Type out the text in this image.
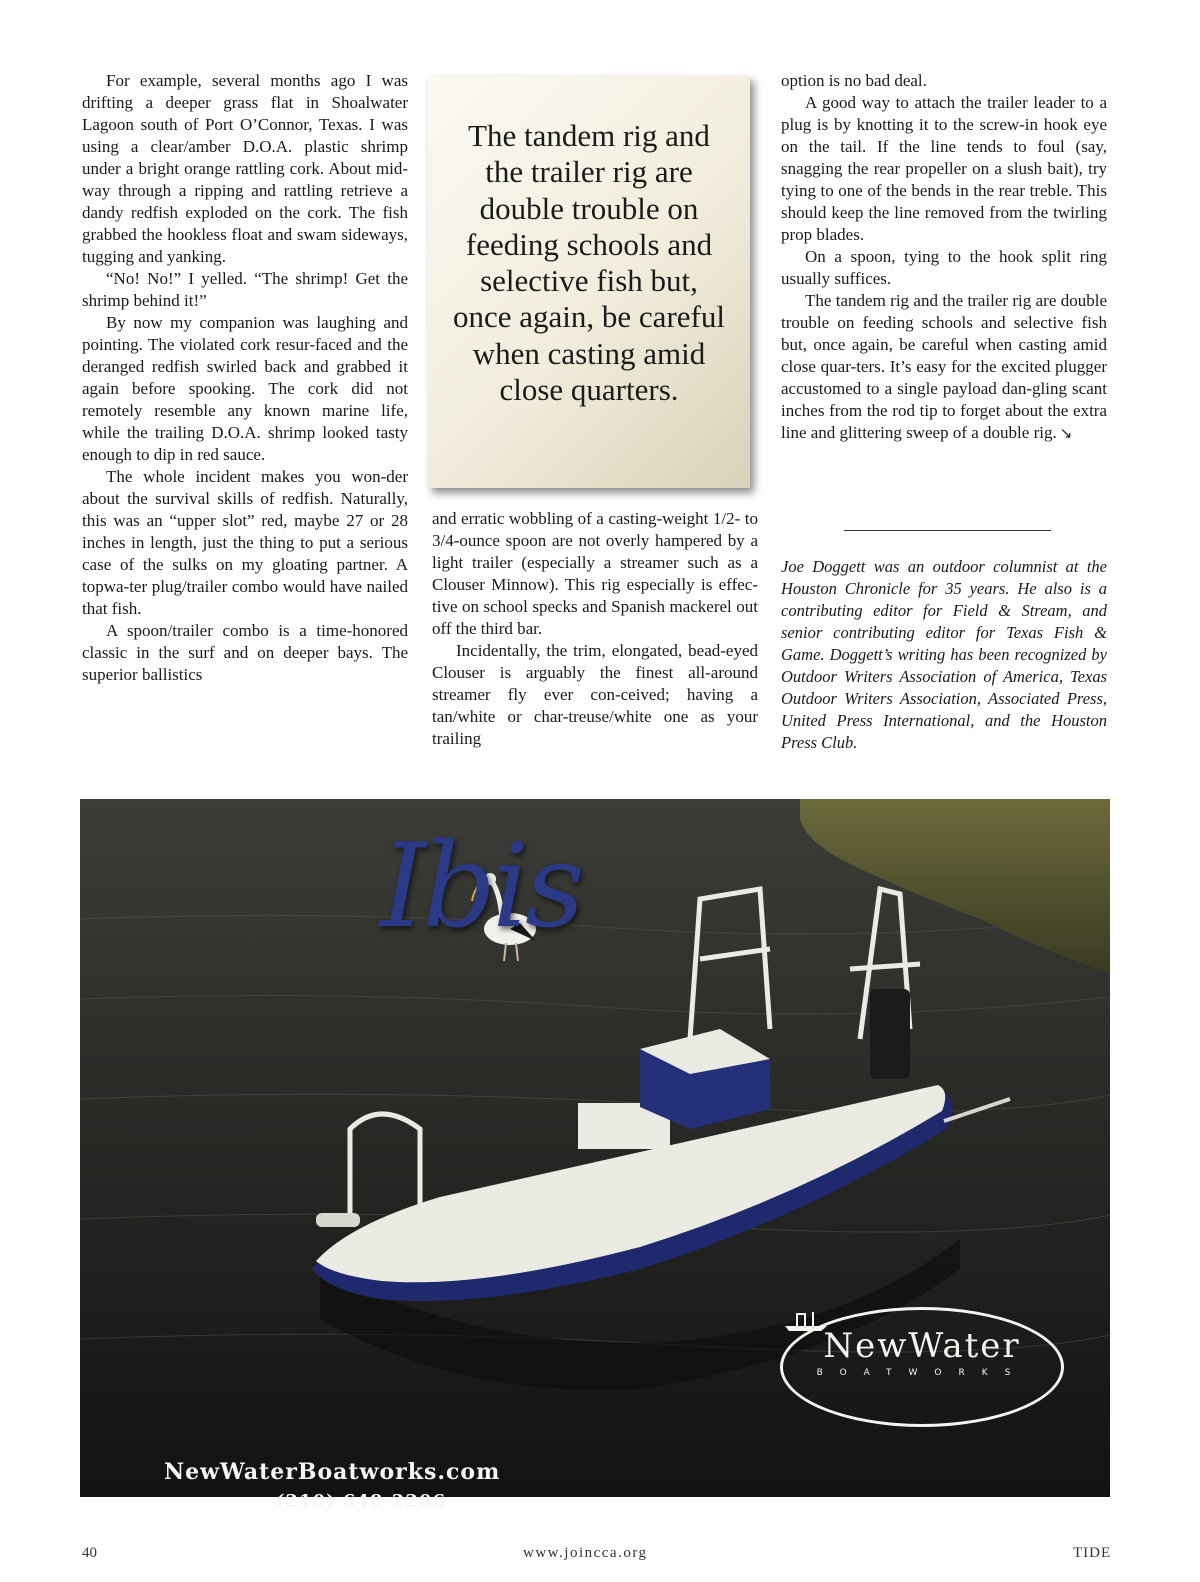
For example, several months ago I was drifting a deeper grass flat in Shoalwater Lagoon south of Port O’Connor, Texas. I was using a clear/amber D.O.A. plastic shrimp under a bright orange rattling cork. About mid-way through a ripping and rattling retrieve a dandy redfish exploded on the cork. The fish grabbed the hookless float and swam sideways, tugging and yanking.

“No! No!” I yelled. “The shrimp! Get the shrimp behind it!”

By now my companion was laughing and pointing. The violated cork resur-faced and the deranged redfish swirled back and grabbed it again before spooking. The cork did not remotely resemble any known marine life, while the trailing D.O.A. shrimp looked tasty enough to dip in red sauce.

The whole incident makes you won-der about the survival skills of redfish. Naturally, this was an “upper slot” red, maybe 27 or 28 inches in length, just the thing to put a serious case of the sulks on my gloating partner. A topwa-ter plug/trailer combo would have nailed that fish.

A spoon/trailer combo is a time-honored classic in the surf and on deeper bays. The superior ballistics

The tandem rig and the trailer rig are double trouble on feeding schools and selective fish but, once again, be careful when casting amid close quarters.

and erratic wobbling of a casting-weight 1/2- to 3/4-ounce spoon are not overly hampered by a light trailer (especially a streamer such as a Clouser Minnow). This rig especially is effec-tive on school specks and Spanish mackerel out off the third bar.

Incidentally, the trim, elongated, bead-eyed Clouser is arguably the finest all-around streamer fly ever con-ceived; having a tan/white or char-treuse/white one as your trailing

option is no bad deal.

A good way to attach the trailer leader to a plug is by knotting it to the screw-in hook eye on the tail. If the line tends to foul (say, snagging the rear propeller on a slush bait), try tying to one of the bends in the rear treble. This should keep the line removed from the twirling prop blades.

On a spoon, tying to the hook split ring usually suffices.

The tandem rig and the trailer rig are double trouble on feeding schools and selective fish but, once again, be careful when casting amid close quar-ters. It’s easy for the excited plugger accustomed to a single payload dan-gling scant inches from the rod tip to forget about the extra line and glittering sweep of a double rig. ↘

Joe Doggett was an outdoor columnist at the Houston Chronicle for 35 years. He also is a contributing editor for Field & Stream, and senior contributing editor for Texas Fish & Game. Doggett’s writing has been recognized by Outdoor Writers Association of America, Texas Outdoor Writers Association, Associated Press, United Press International, and the Houston Press Club.
Ibis
NewWater
BOATWORKS
NewWaterBoatworks.com
(210) 648-2206
40	www.joincca.org	TIDE
